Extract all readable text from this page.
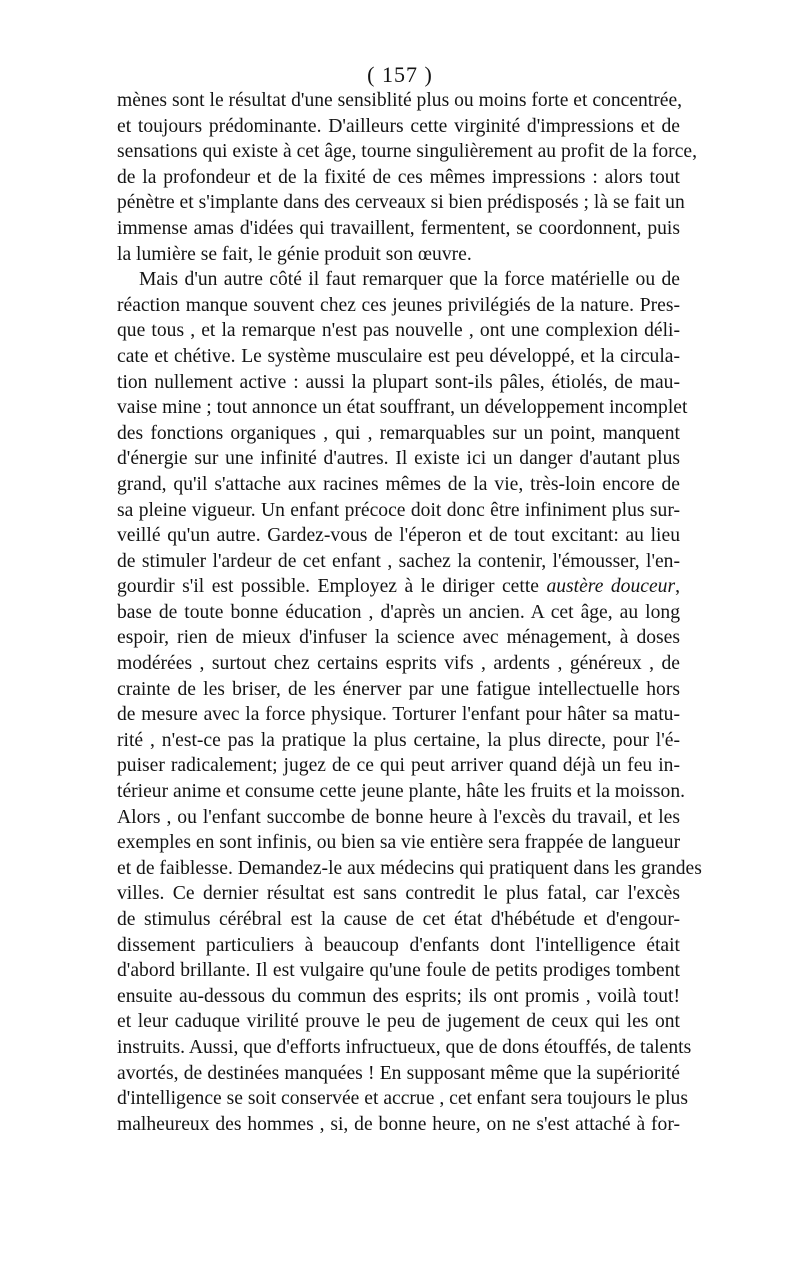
( 157 )
mènes sont le résultat d'une sensiblité plus ou moins forte et concentrée,
et toujours prédominante. D'ailleurs cette virginité d'impressions et de
sensations qui existe à cet âge, tourne singulièrement au profit de la force,
de la profondeur et de la fixité de ces mêmes impressions : alors tout
pénètre et s'implante dans des cerveaux si bien prédisposés ; là se fait un
immense amas d'idées qui travaillent, fermentent, se coordonnent, puis
la lumière se fait, le génie produit son œuvre.
Mais d'un autre côté il faut remarquer que la force matérielle ou de
réaction manque souvent chez ces jeunes privilégiés de la nature. Pres-
que tous , et la remarque n'est pas nouvelle , ont une complexion déli-
cate et chétive. Le système musculaire est peu développé, et la circula-
tion nullement active : aussi la plupart sont-ils pâles, étiolés, de mau-
vaise mine ; tout annonce un état souffrant, un développement incomplet
des fonctions organiques , qui , remarquables sur un point, manquent
d'énergie sur une infinité d'autres. Il existe ici un danger d'autant plus
grand, qu'il s'attache aux racines mêmes de la vie, très-loin encore de
sa pleine vigueur. Un enfant précoce doit donc être infiniment plus sur-
veillé qu'un autre. Gardez-vous de l'éperon et de tout excitant: au lieu
de stimuler l'ardeur de cet enfant , sachez la contenir, l'émousser, l'en-
gourdir s'il est possible. Employez à le diriger cette austère douceur,
base de toute bonne éducation , d'après un ancien. A cet âge, au long
espoir, rien de mieux d'infuser la science avec ménagement, à doses
modérées , surtout chez certains esprits vifs , ardents , généreux , de
crainte de les briser, de les énerver par une fatigue intellectuelle hors
de mesure avec la force physique. Torturer l'enfant pour hâter sa matu-
rité , n'est-ce pas la pratique la plus certaine, la plus directe, pour l'é-
puiser radicalement; jugez de ce qui peut arriver quand déjà un feu in-
térieur anime et consume cette jeune plante, hâte les fruits et la moisson.
Alors , ou l'enfant succombe de bonne heure à l'excès du travail, et les
exemples en sont infinis, ou bien sa vie entière sera frappée de langueur
et de faiblesse. Demandez-le aux médecins qui pratiquent dans les grandes
villes. Ce dernier résultat est sans contredit le plus fatal, car l'excès
de stimulus cérébral est la cause de cet état d'hébétude et d'engour-
dissement particuliers à beaucoup d'enfants dont l'intelligence était
d'abord brillante. Il est vulgaire qu'une foule de petits prodiges tombent
ensuite au-dessous du commun des esprits; ils ont promis , voilà tout!
et leur caduque virilité prouve le peu de jugement de ceux qui les ont
instruits. Aussi, que d'efforts infructueux, que de dons étouffés, de talents
avortés, de destinées manquées ! En supposant même que la supériorité
d'intelligence se soit conservée et accrue , cet enfant sera toujours le plus
malheureux des hommes , si, de bonne heure, on ne s'est attaché à for-
